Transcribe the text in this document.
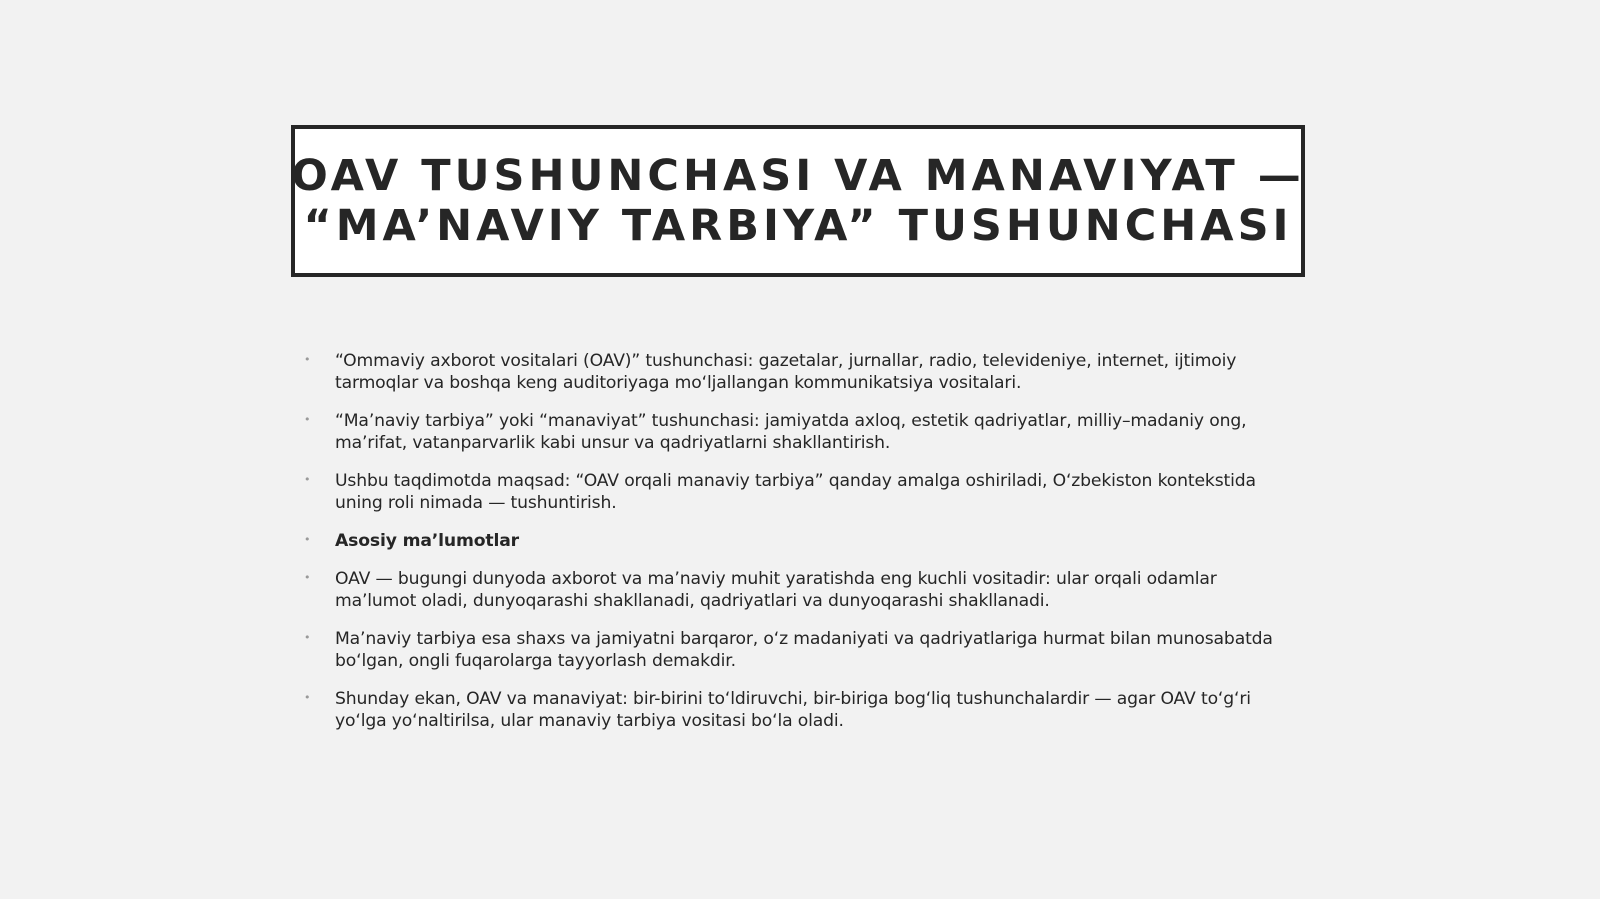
OAV TUSHUNCHASI VA MANAVIYAT —
“MA’NAVIY TARBIYA” TUSHUNCHASI
• “Ommaviy axborot vositalari (OAV)” tushunchasi: gazetalar, jurnallar, radio, televideniye, internet, ijtimoiy tarmoqlar va boshqa keng auditoriyaga mo‘ljallangan kommunikatsiya vositalari.
• “Ma’naviy tarbiya” yoki “manaviyat” tushunchasi: jamiyatda axloq, estetik qadriyatlar, milliy–madaniy ong, ma’rifat, vatanparvarlik kabi unsur va qadriyatlarni shakllantirish.
• Ushbu taqdimotda maqsad: “OAV orqali manaviy tarbiya” qanday amalga oshiriladi, O‘zbekiston kontekstida uning roli nimada — tushuntirish.
• Asosiy ma’lumotlar
• OAV — bugungi dunyoda axborot va ma’naviy muhit yaratishda eng kuchli vositadir: ular orqali odamlar ma’lumot oladi, dunyoqarashi shakllanadi, qadriyatlari va dunyoqarashi shakllanadi.
• Ma’naviy tarbiya esa shaxs va jamiyatni barqaror, o‘z madaniyati va qadriyatlariga hurmat bilan munosabatda bo‘lgan, ongli fuqarolarga tayyorlash demakdir.
• Shunday ekan, OAV va manaviyat: bir-birini to‘ldiruvchi, bir-biriga bog‘liq tushunchalardir — agar OAV to‘g‘ri yo‘lga yo‘naltirilsa, ular manaviy tarbiya vositasi bo‘la oladi.
